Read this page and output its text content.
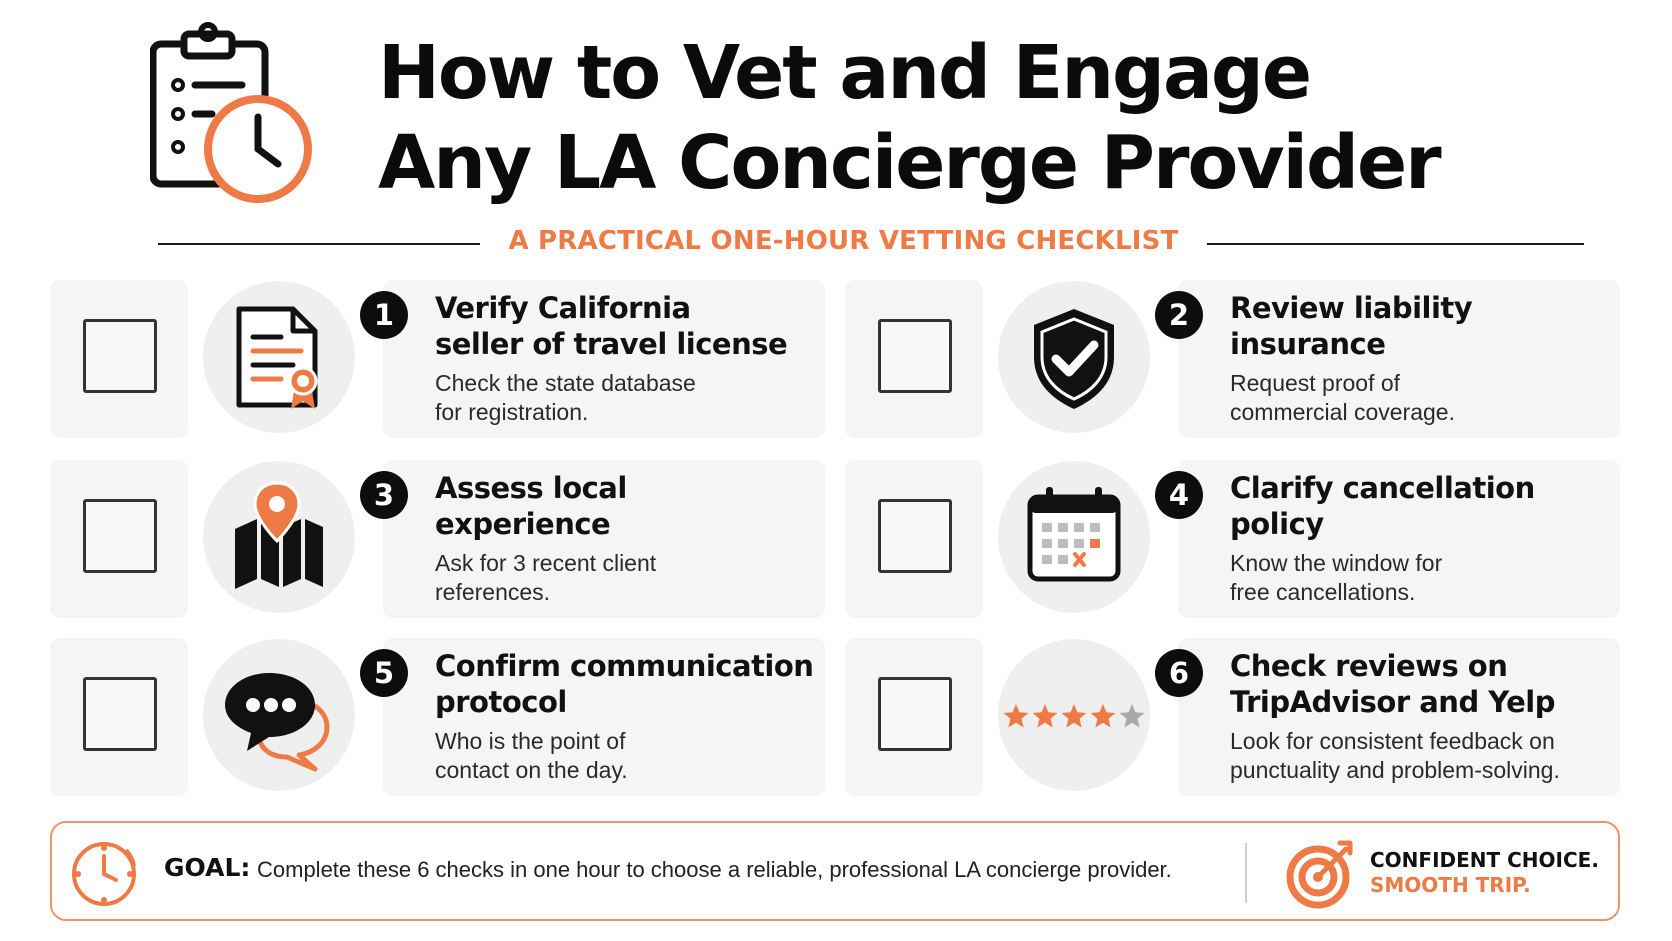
How to Vet and Engage
Any LA Concierge Provider
A PRACTICAL ONE-HOUR VETTING CHECKLIST
1	Verify California
seller of travel license
Check the state database
for registration.
2	Review liability
insurance
Request proof of
commercial coverage.
3	Assess local
experience
Ask for 3 recent client
references.
4	Clarify cancellation
policy
Know the window for
free cancellations.
5	Confirm communication
protocol
Who is the point of
contact on the day.
6	Check reviews on
TripAdvisor and Yelp
Look for consistent feedback on
punctuality and problem-solving.
GOAL: Complete these 6 checks in one hour to choose a reliable, professional LA concierge provider.	CONFIDENT CHOICE.
SMOOTH TRIP.
